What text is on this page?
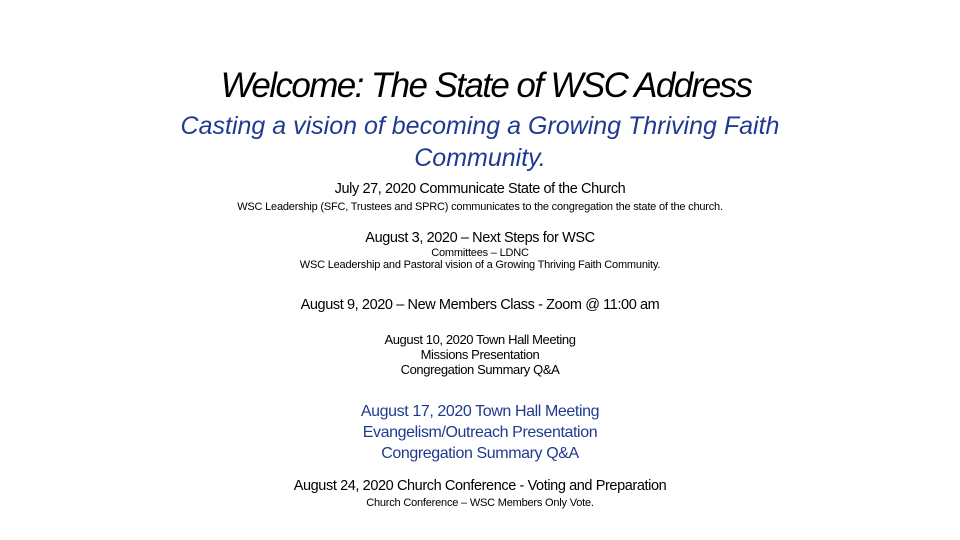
Welcome: The State of WSC Address
Casting a vision of becoming a Growing Thriving Faith
Community.
July 27, 2020 Communicate State of the Church
WSC Leadership (SFC, Trustees and SPRC) communicates to the congregation the state of the church.
August 3, 2020 – Next Steps for WSC
Committees – LDNC
WSC Leadership and Pastoral vision of a Growing Thriving Faith Community.
August 9, 2020 – New Members Class - Zoom @ 11:00 am
August 10, 2020 Town Hall Meeting
Missions Presentation
Congregation Summary Q&A
August 17, 2020 Town Hall Meeting
Evangelism/Outreach Presentation
Congregation Summary Q&A
August 24, 2020 Church Conference - Voting and Preparation
Church Conference – WSC Members Only Vote.
